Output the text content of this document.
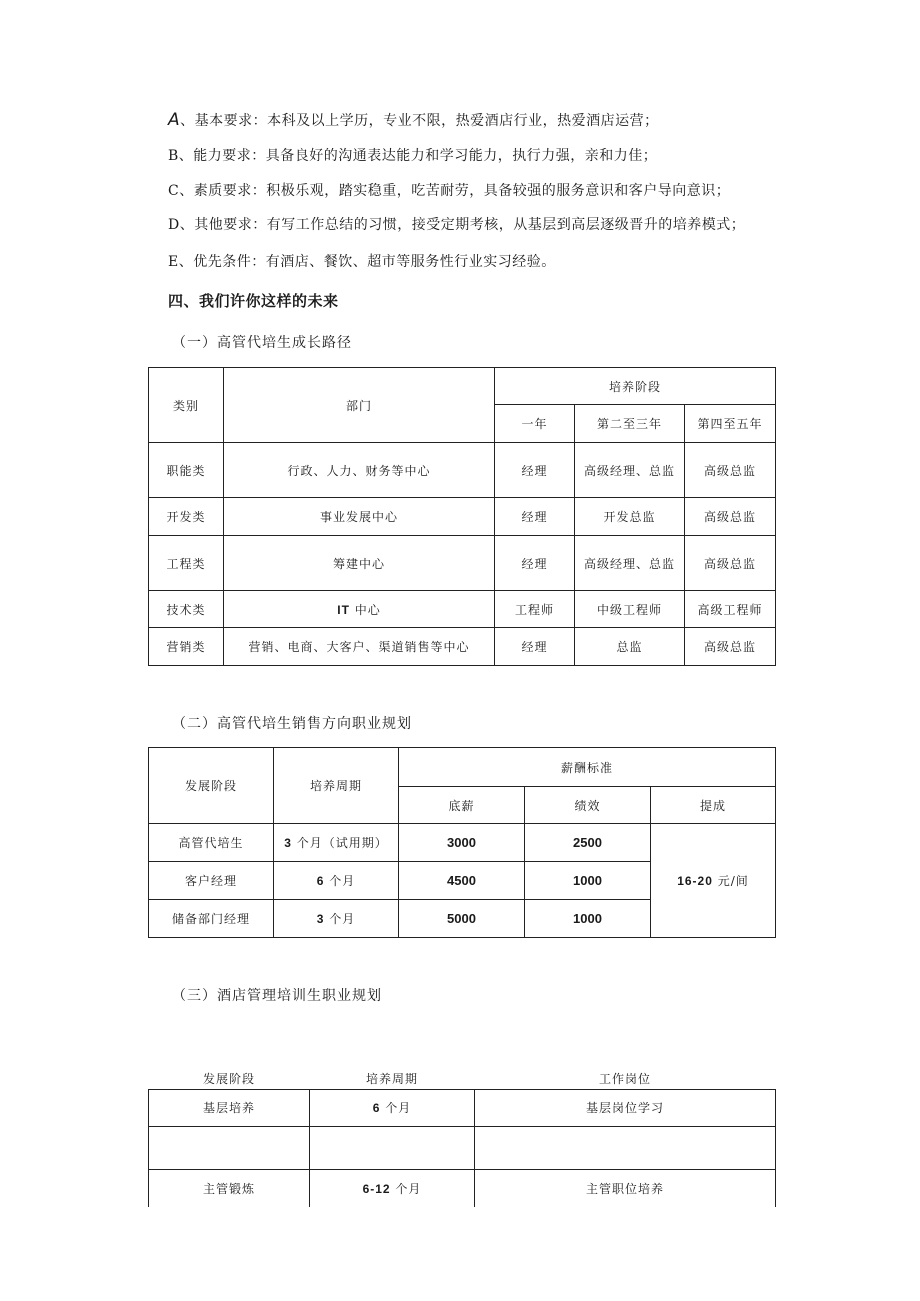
A、基本要求：本科及以上学历，专业不限，热爱酒店行业，热爱酒店运营；
B、能力要求：具备良好的沟通表达能力和学习能力，执行力强，亲和力佳；
C、素质要求：积极乐观，踏实稳重，吃苦耐劳，具备较强的服务意识和客户导向意识；
D、其他要求：有写工作总结的习惯，接受定期考核，从基层到高层逐级晋升的培养模式；
E、优先条件：有酒店、餐饮、超市等服务性行业实习经验。
四、我们许你这样的未来
（一）高管代培生成长路径
类别	部门	培养阶段		
		一年	第二至三年	第四至五年
职能类	行政、人力、财务等中心	经理	高级经理、总监	高级总监
开发类	事业发展中心	经理	开发总监	高级总监
工程类	筹建中心	经理	高级经理、总监	高级总监
技术类	IT 中心	工程师	中级工程师	高级工程师
营销类	营销、电商、大客户、渠道销售等中心	经理	总监	高级总监
（二）高管代培生销售方向职业规划
发展阶段	培养周期	薪酬标准		
		底薪	绩效	提成
高管代培生	3 个月（试用期）	3000	2500	16-20 元/间
客户经理	6 个月	4500	1000	
储备部门经理	3 个月	5000	1000	
（三）酒店管理培训生职业规划
发展阶段	培养周期	工作岗位
基层培养	6 个月	基层岗位学习

主管锻炼	6-12 个月	主管职位培养
